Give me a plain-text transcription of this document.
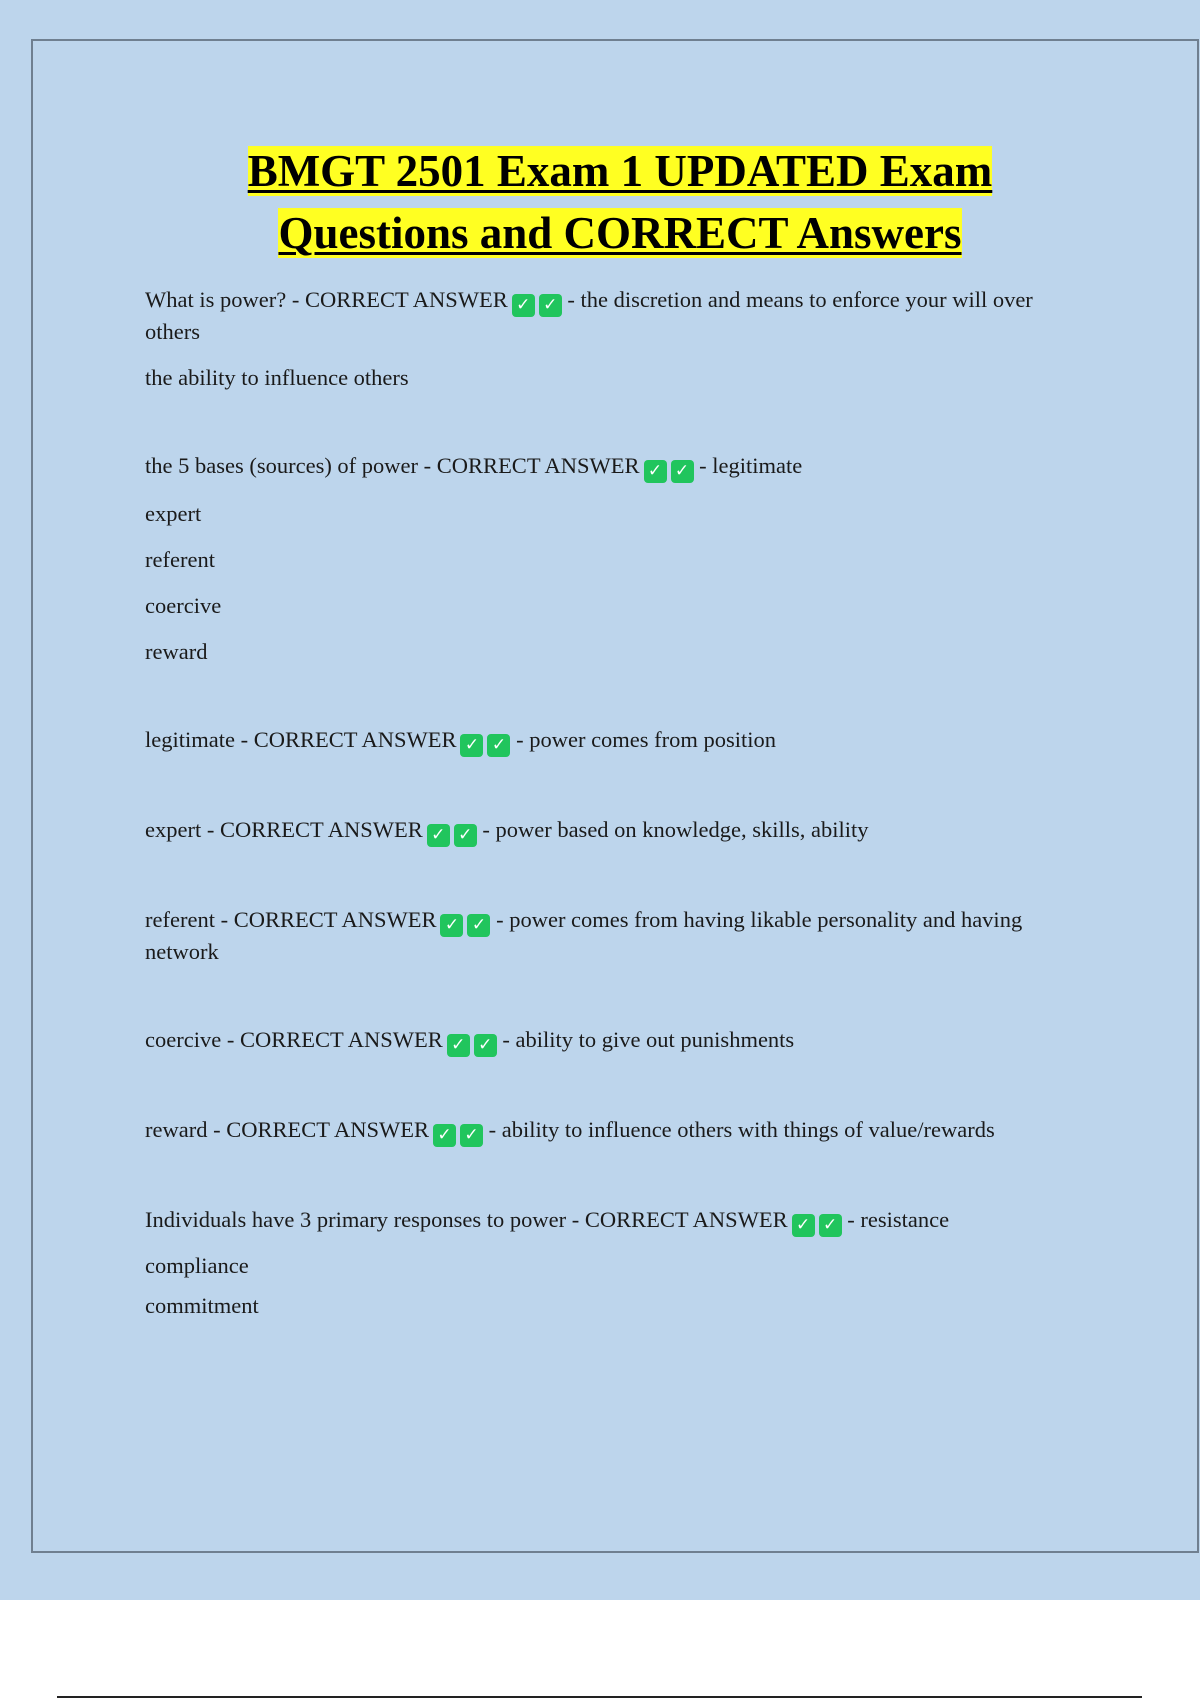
BMGT 2501 Exam 1 UPDATED Exam
Questions and CORRECT Answers

What is power? - CORRECT ANSWER ✓ ✓ - the discretion and means to enforce your will over others

the ability to influence others

the 5 bases (sources) of power - CORRECT ANSWER ✓ ✓ - legitimate

expert

referent

coercive

reward

legitimate - CORRECT ANSWER ✓ ✓ - power comes from position

expert - CORRECT ANSWER ✓ ✓ - power based on knowledge, skills, ability

referent - CORRECT ANSWER ✓ ✓ - power comes from having likable personality and having network

coercive - CORRECT ANSWER ✓ ✓ - ability to give out punishments

reward - CORRECT ANSWER ✓ ✓ - ability to influence others with things of value/rewards

Individuals have 3 primary responses to power - CORRECT ANSWER ✓ ✓ - resistance

compliance

commitment
